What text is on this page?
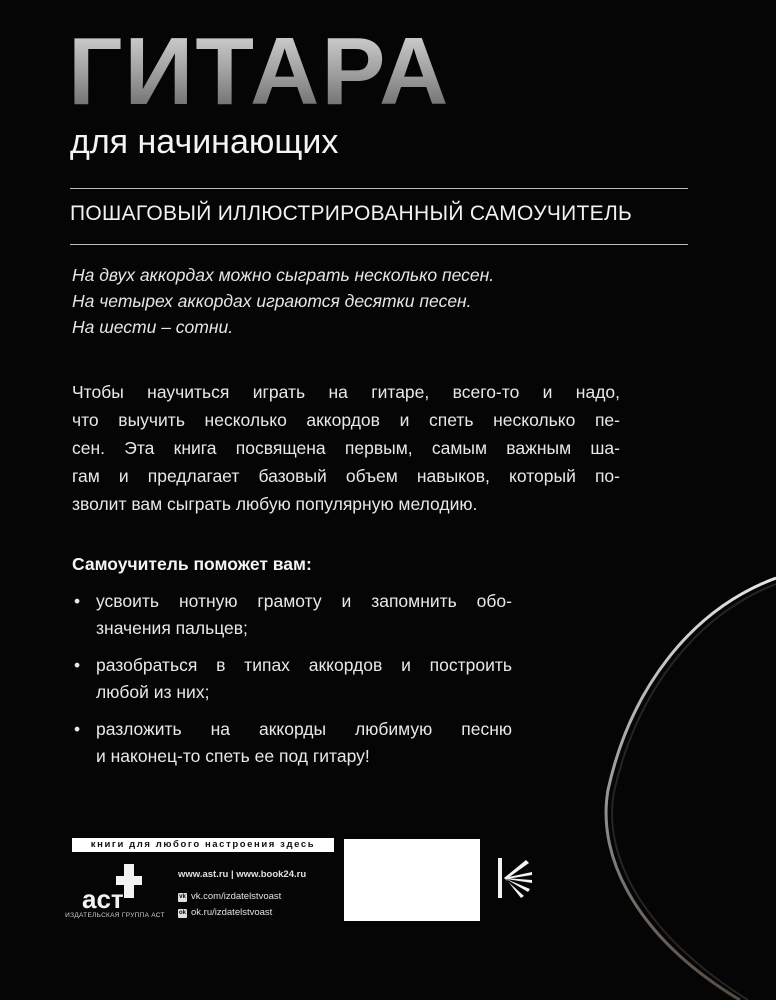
ГИТАРА
для начинающих
ПОШАГОВЫЙ ИЛЛЮСТРИРОВАННЫЙ САМОУЧИТЕЛЬ
На двух аккордах можно сыграть несколько песен.
На четырех аккордах играются десятки песен.
На шести – сотни.
Чтобы научиться играть на гитаре, всего-то и надо,
что выучить несколько аккордов и спеть несколько пе-
сен. Эта книга посвящена первым, самым важным ша-
гам и предлагает базовый объем навыков, который по-
зволит вам сыграть любую популярную мелодию.
Самоучитель поможет вам:
• усвоить нотную грамоту и запомнить обо-
значения пальцев;
• разобраться в типах аккордов и построить
любой из них;
• разложить на аккорды любимую песню
и наконец-то спеть ее под гитару!
книги для любого настроения здесь
аст
ИЗДАТЕЛЬСКАЯ ГРУППА АСТ
www.ast.ru | www.book24.ru
vk vk.com/izdatelstvoast
ok ok.ru/izdatelstvoast
